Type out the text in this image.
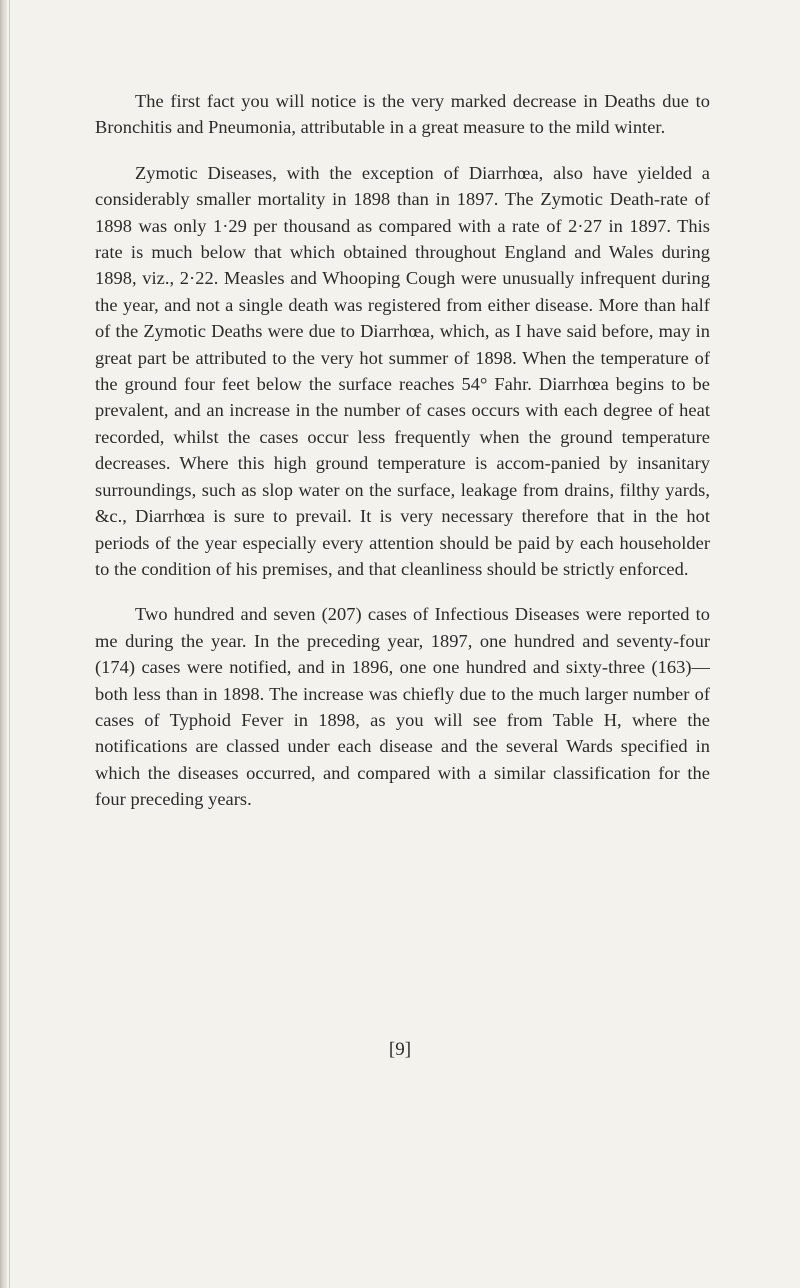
The first fact you will notice is the very marked decrease in Deaths due to Bronchitis and Pneumonia, attributable in a great measure to the mild winter.

Zymotic Diseases, with the exception of Diarrhœa, also have yielded a considerably smaller mortality in 1898 than in 1897. The Zymotic Death-rate of 1898 was only 1·29 per thousand as compared with a rate of 2·27 in 1897. This rate is much below that which obtained throughout England and Wales during 1898, viz., 2·22. Measles and Whooping Cough were unusually infrequent during the year, and not a single death was registered from either disease. More than half of the Zymotic Deaths were due to Diarrhœa, which, as I have said before, may in great part be attributed to the very hot summer of 1898. When the temperature of the ground four feet below the surface reaches 54° Fahr. Diarrhœa begins to be prevalent, and an increase in the number of cases occurs with each degree of heat recorded, whilst the cases occur less frequently when the ground temperature decreases. Where this high ground temperature is accom-panied by insanitary surroundings, such as slop water on the surface, leakage from drains, filthy yards, &c., Diarrhœa is sure to prevail. It is very necessary therefore that in the hot periods of the year especially every attention should be paid by each householder to the condition of his premises, and that cleanliness should be strictly enforced.

Two hundred and seven (207) cases of Infectious Diseases were reported to me during the year. In the preceding year, 1897, one hundred and seventy-four (174) cases were notified, and in 1896, one one hundred and sixty-three (163)—both less than in 1898. The increase was chiefly due to the much larger number of cases of Typhoid Fever in 1898, as you will see from Table H, where the notifications are classed under each disease and the several Wards specified in which the diseases occurred, and compared with a similar classification for the four preceding years.

[9]
